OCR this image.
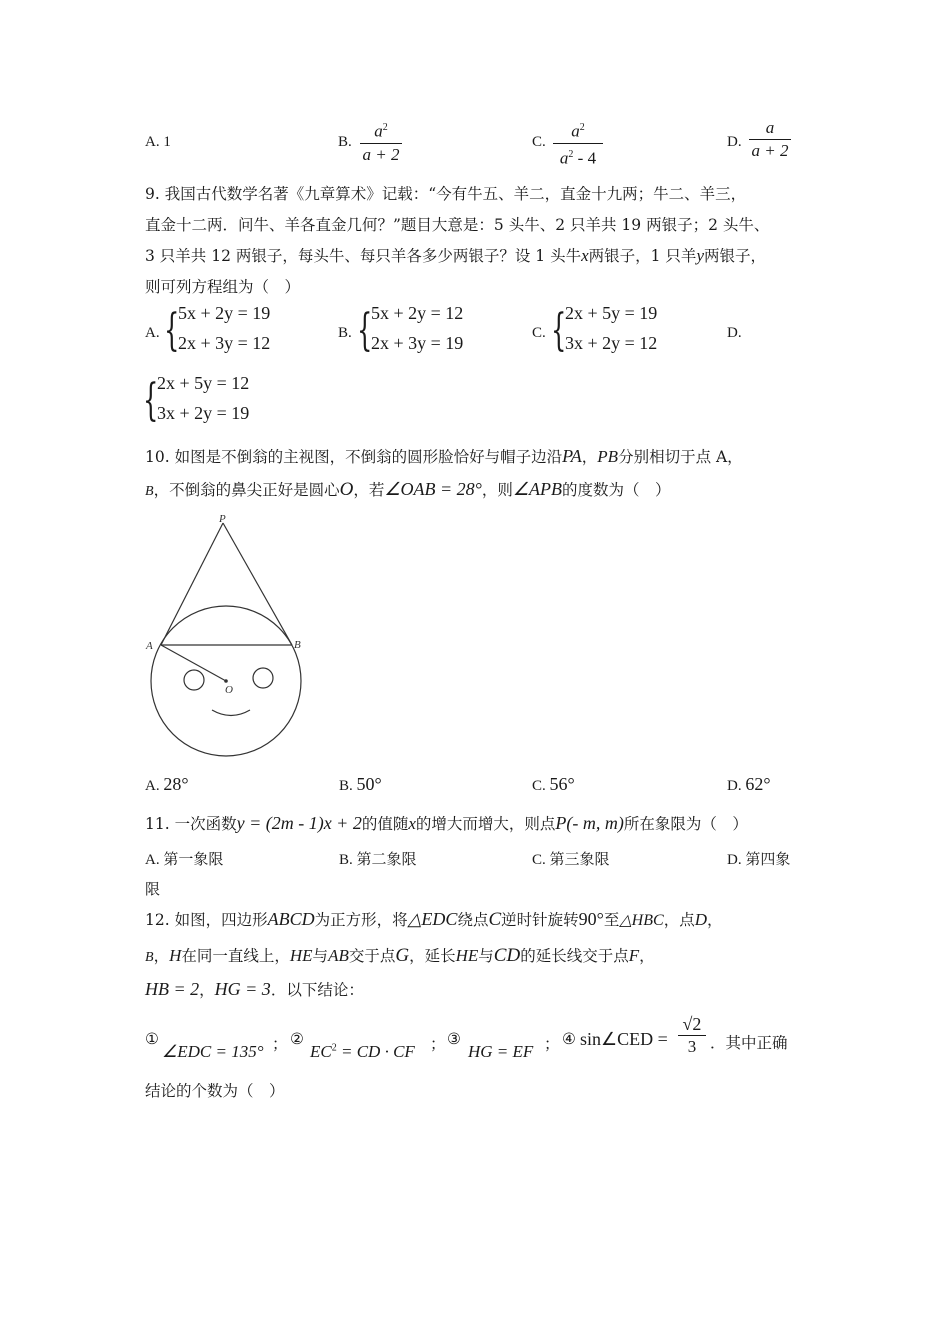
A. 1	B.
$a^2$
a + 2
C.
$a^2$
$a^2 - 4$
D.
a
a + 2
9. 我国古代数学名著《九章算术》记载：“今有牛五、羊二，直金十九两；牛二、羊三，
直金十二两．问牛、羊各直金几何？”题目大意是：5 头牛、2 只羊共 19 两银子；2 头牛、
3 只羊共 12 两银子，每头牛、每只羊各多少两银子？设 1 头牛x两银子，1 只羊y两银子，
则可列方程组为（　）
A. {
5x + 2y = 19
2x + 3y = 12	B. {
5x + 2y = 12
2x + 3y = 19	C. {
2x + 5y = 19
3x + 2y = 12	D.
{
2x + 5y = 12
3x + 2y = 19
10. 如图是不倒翁的主视图，不倒翁的圆形脸恰好与帽子边沿PA，PB分别相切于点 A，
B，不倒翁的鼻尖正好是圆心O，若∠OAB = 28°，则∠APB的度数为（　）
P
A	B
O
A. 28°	B. 50°	C. 56°	D. 62°
11. 一次函数y = (2m - 1)x + 2的值随x的增大而增大，则点P(- m, m)所在象限为（　）
A. 第一象限	B. 第二象限	C. 第三象限	D. 第四象
限
12. 如图，四边形ABCD为正方形，将△EDC绕点C逆时针旋转90°至△HBC，点D，
B，H在同一直线上，HE与AB交于点G，延长HE与CD的延长线交于点F，
HB = 2，HG = 3．以下结论：
①
∠EDC = 135° ； ②
$EC^2$ = CD · CF ； ③
HG = EF ； ④ sin∠CED =
√2
3 ．其中正确
结论的个数为（　）
